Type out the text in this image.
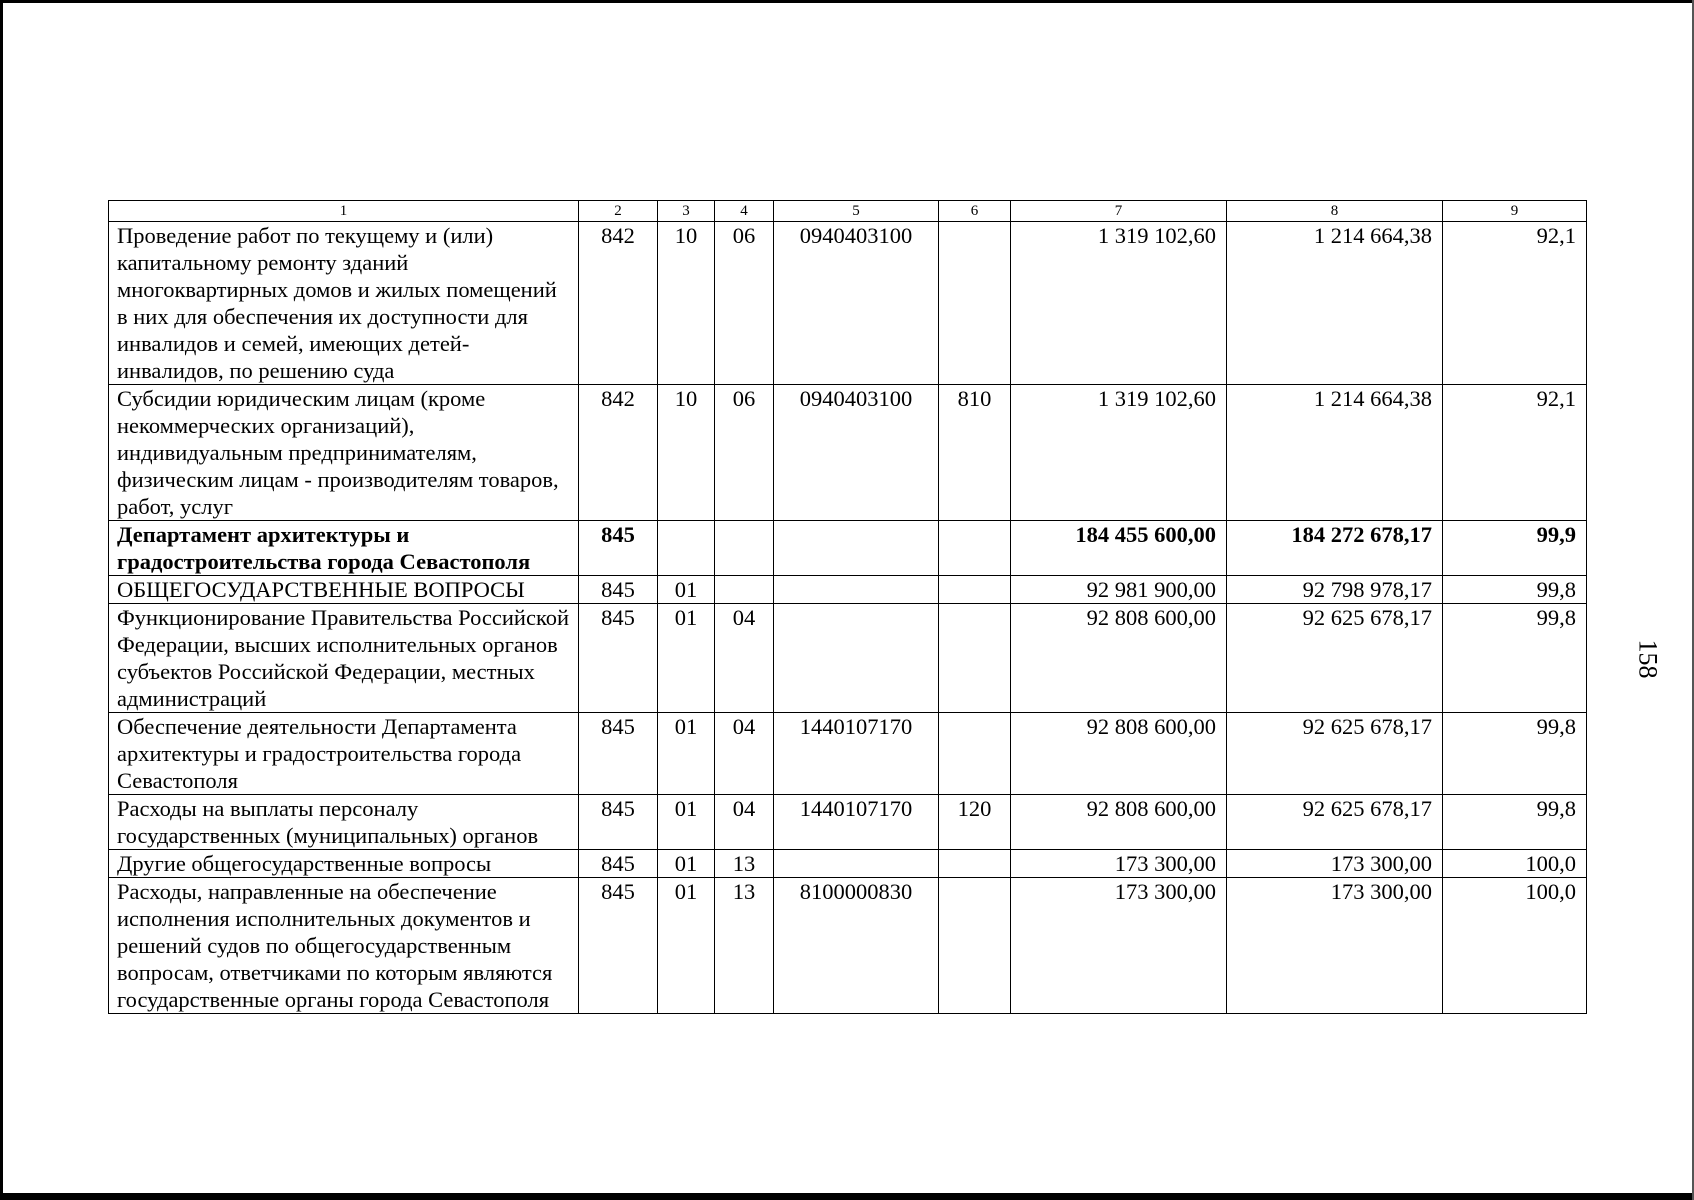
1	2	3	4	5	6	7	8	9
Проведение работ по текущему и (или) капитальному ремонту зданий многоквартирных домов и жилых помещений в них для обеспечения их доступности для инвалидов и семей, имеющих детей-инвалидов, по решению суда	842	10	06	0940403100		1 319 102,60	1 214 664,38	92,1
Субсидии юридическим лицам (кроме некоммерческих организаций), индивидуальным предпринимателям, физическим лицам - производителям товаров, работ, услуг	842	10	06	0940403100	810	1 319 102,60	1 214 664,38	92,1
Департамент архитектуры и градостроительства города Севастополя	845					184 455 600,00	184 272 678,17	99,9
ОБЩЕГОСУДАРСТВЕННЫЕ ВОПРОСЫ	845	01				92 981 900,00	92 798 978,17	99,8
Функционирование Правительства Российской Федерации, высших исполнительных органов субъектов Российской Федерации, местных администраций	845	01	04			92 808 600,00	92 625 678,17	99,8
Обеспечение деятельности Департамента архитектуры и градостроительства города Севастополя	845	01	04	1440107170		92 808 600,00	92 625 678,17	99,8
Расходы на выплаты персоналу государственных (муниципальных) органов	845	01	04	1440107170	120	92 808 600,00	92 625 678,17	99,8
Другие общегосударственные вопросы	845	01	13			173 300,00	173 300,00	100,0
Расходы, направленные на обеспечение исполнения исполнительных документов и решений судов по общегосударственным вопросам, ответчиками по которым являются государственные органы города Севастополя	845	01	13	8100000830		173 300,00	173 300,00	100,0
158
